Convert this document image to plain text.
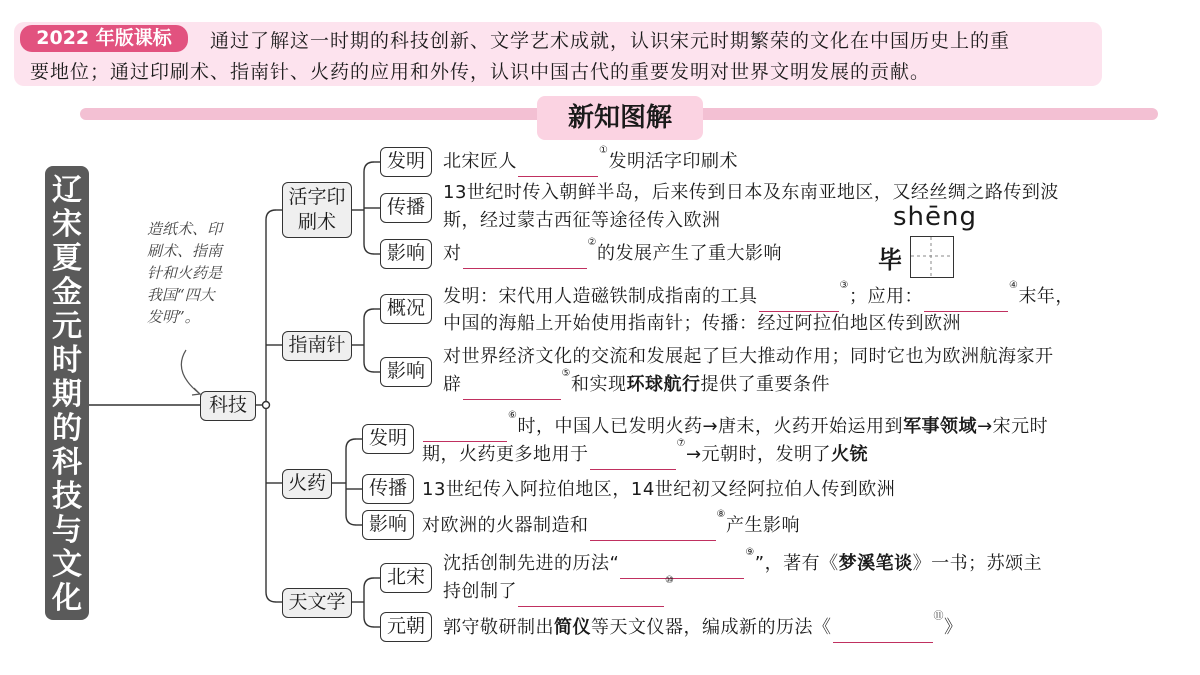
2022 年版课标	通过了解这一时期的科技创新、文学艺术成就，认识宋元时期繁荣的文化在中国历史上的重
要地位；通过印刷术、指南针、火药的应用和外传，认识中国古代的重要发明对世界文明发展的贡献。
新知图解
辽
宋
夏
金
元
时
期
的
科
技
与
文
化
造纸术、印
刷术、指南
针和火药是
我国“四大
发明”。
科技
活字印刷术
发明	北宋匠人①发明活字印刷术
传播
13世纪时传入朝鲜半岛，后来传到日本及东南亚地区，又经丝绸之路传到波
斯，经过蒙古西征等途径传入欧洲
影响	对②的发展产生了重大影响
shēng
毕
指南针
概况
发明：宋代用人造磁铁制成指南的工具③；应用：④末年，
中国的海船上开始使用指南针；传播：经过阿拉伯地区传到欧洲
影响
对世界经济文化的交流和发展起了巨大推动作用；同时它也为欧洲航海家开
辟⑤和实现环球航行提供了重要条件
火药
发明
⑥时，中国人已发明火药→唐末，火药开始运用到军事领域→宋元时
期，火药更多地用于⑦→元朝时，发明了火铳
传播 13世纪传入阿拉伯地区，14世纪初又经阿拉伯人传到欧洲
影响 对欧洲的火器制造和⑧产生影响
天文学
北宋
沈括创制先进的历法“⑨”，著有《梦溪笔谈》一书；苏颂主
持创制了⑩
元朝	郭守敬研制出简仪等天文仪器，编成新的历法《⑪》
